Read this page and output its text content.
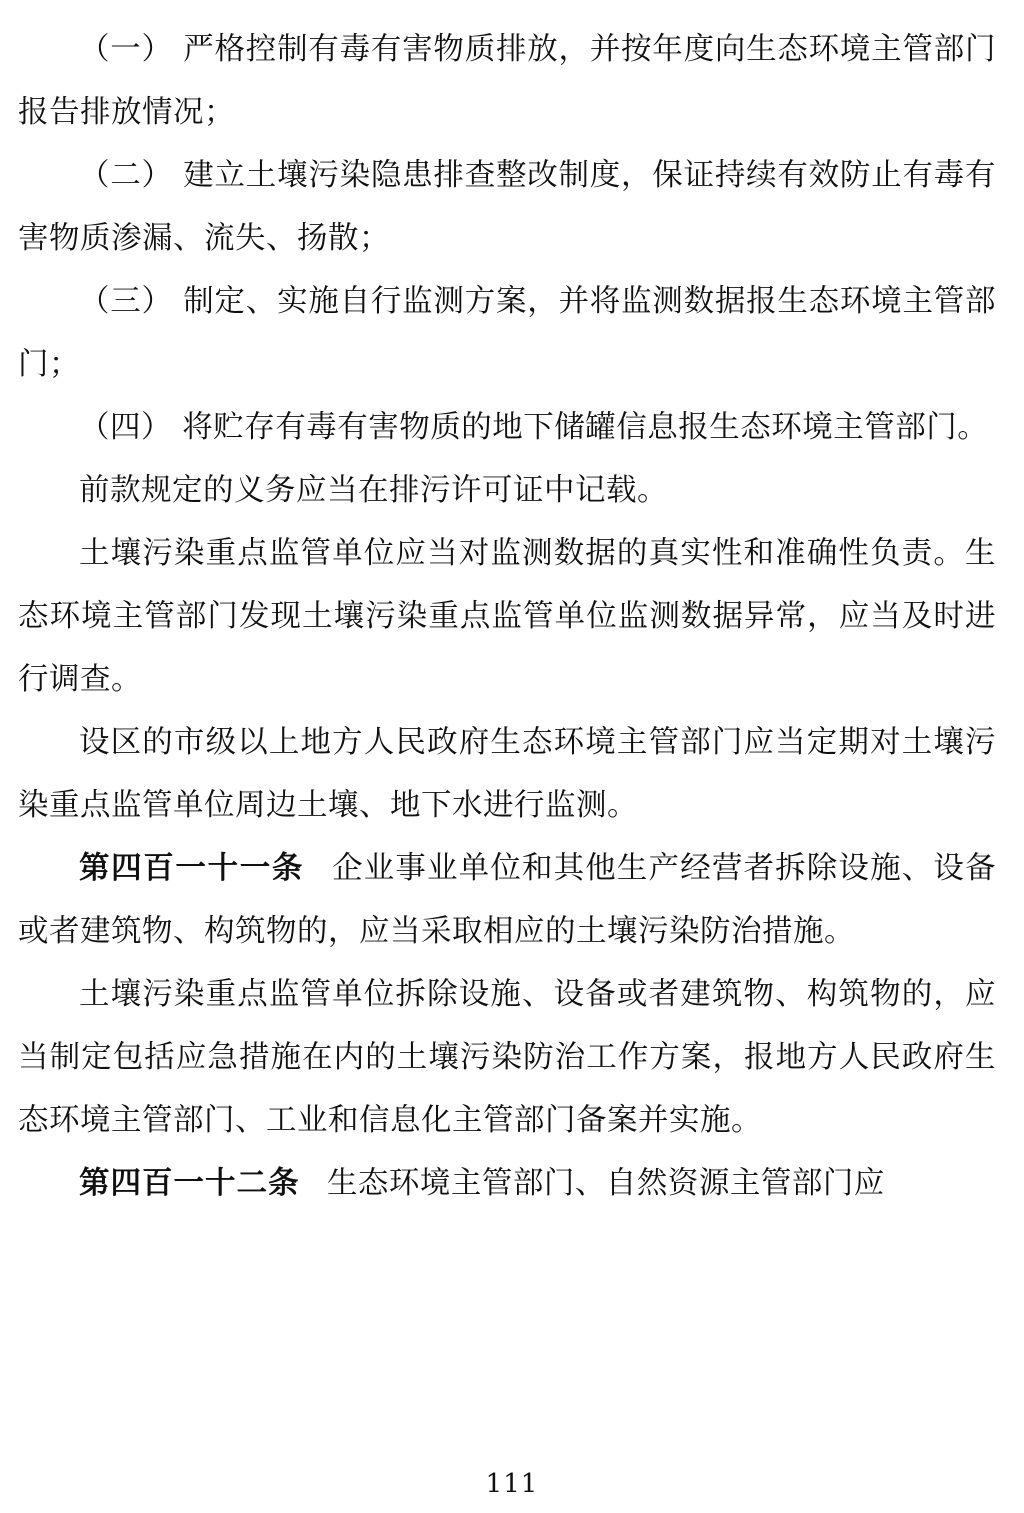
（一） 严格控制有毒有害物质排放，并按年度向生态环境主管部门报告排放情况；

（二） 建立土壤污染隐患排查整改制度，保证持续有效防止有毒有害物质渗漏、流失、扬散；

（三） 制定、实施自行监测方案，并将监测数据报生态环境主管部门；

（四） 将贮存有毒有害物质的地下储罐信息报生态环境主管部门。

前款规定的义务应当在排污许可证中记载。

土壤污染重点监管单位应当对监测数据的真实性和准确性负责。生态环境主管部门发现土壤污染重点监管单位监测数据异常，应当及时进行调查。

设区的市级以上地方人民政府生态环境主管部门应当定期对土壤污染重点监管单位周边土壤、地下水进行监测。

第四百一十一条 企业事业单位和其他生产经营者拆除设施、设备或者建筑物、构筑物的，应当采取相应的土壤污染防治措施。

土壤污染重点监管单位拆除设施、设备或者建筑物、构筑物的，应当制定包括应急措施在内的土壤污染防治工作方案，报地方人民政府生态环境主管部门、工业和信息化主管部门备案并实施。

第四百一十二条 生态环境主管部门、自然资源主管部门应

111
